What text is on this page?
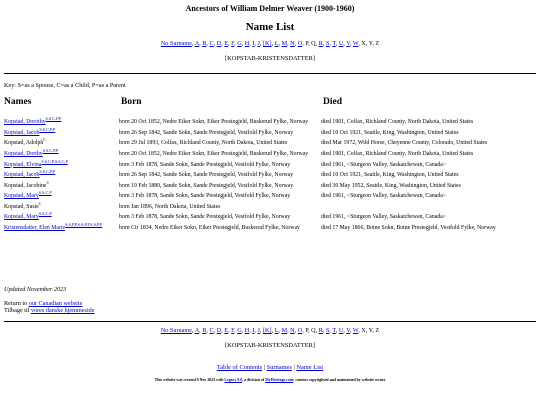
Ancestors of William Delmer Weaver (1900-1960)
Name List
No Surname, A, B, C, D, E, F, G, H, I, J, [K], L, M, N, O, P, Q, R, S, T, U, V, W, X, Y, Z
[KOPSTAB-KRISTENSDATTER]
Key: S=as a Spouse, C=as a Child, P=as a Parent
Names	Born	Died
Kopstad, Dorothy$^{S,S,C,P,P}$	born 20 Oct 1852, Nedre Eiker Sokn, Eiker Prestegjeld, Buskerud Fylke, Norway	died 1901, Colfax, Richland County, North Dakota, United States
Kopstad, Jacob$^{S,S,C,P,P}$	born 26 Sep 1842, Sande Sokn, Sande Prestegjeld, Vestfold Fylke, Norway	died 10 Oct 1921, Seattle, King, Washington, United States
Kopstad, Adolph$^C$	born 29 Jul 1893, Colfax, Richland County, North Dakota, United States	died Mar 1972, Wild Horse, Cheyenne County, Colorado, United States
Kopstad, Dorthy$^{S,S,C,P,P}$	born 20 Oct 1852, Nedre Eiker Sokn, Eiker Prestegjeld, Buskerud Fylke, Norway	died 1901, Colfax, Richland County, North Dakota, United States
Kopstad, Elvina$^{S,S,C,P,S,S,C,P}$	born 3 Feb 1878, Sande Sokn, Sande Prestegjeld, Vestfold Fylke, Norway	died 1961, <Sturgeon Valley, Saskatchewan, Canada>
Kopstad, Jacob$^{S,S,C,P,P}$	born 26 Sep 1842, Sande Sokn, Sande Prestegjeld, Vestfold Fylke, Norway	died 10 Oct 1921, Seattle, King, Washington, United States
Kopstad, Jacobine$^C$	born 19 Feb 1880, Sande Sokn, Sande Prestegjeld, Vestfold Fylke, Norway	died 30 May 1952, Seattle, King, Washington, United States
Kopstad, Mary$^{S,S,C,P}$	born 3 Feb 1878, Sande Sokn, Sande Prestegjeld, Vestfold Fylke, Norway	died 1961, <Sturgeon Valley, Saskatchewan, Canada>
Kopstad, Susie$^C$	born Jan 1896, North Dakota, United States	
Kopstad, Mary$^{S,S,C,P}$	born 3 Feb 1878, Sande Sokn, Sande Prestegjeld, Vestfold Fylke, Norway	died 1961, <Sturgeon Valley, Saskatchewan, Canada>
Kristensdatter, Elen Marie$^{S,S,P,P,S,S,P,P,S,S,P,P}$	born Cir 1834, Nedre Eiker Sokn, Eiker Prestegjeld, Buskerud Fylke, Norway	died 17 May 1866, Botne Sokn, Botne Prestegjeld, Vestfold Fylke, Norway
Updated November 2023
Return to our Canadian website
Tilbage til vores danske hjemmeside
No Surname, A, B, C, D, E, F, G, H, I, J, [K], L, M, N, O, P, Q, R, S, T, U, V, W, X, Y, Z
[KOPSTAB-KRISTENSDATTER]
Table of Contents | Surnames | Name List
This website was created 9 Nov 2023 with Legacy 9.0, a division of MyHeritage.com; content copyrighted and maintained by website owner
